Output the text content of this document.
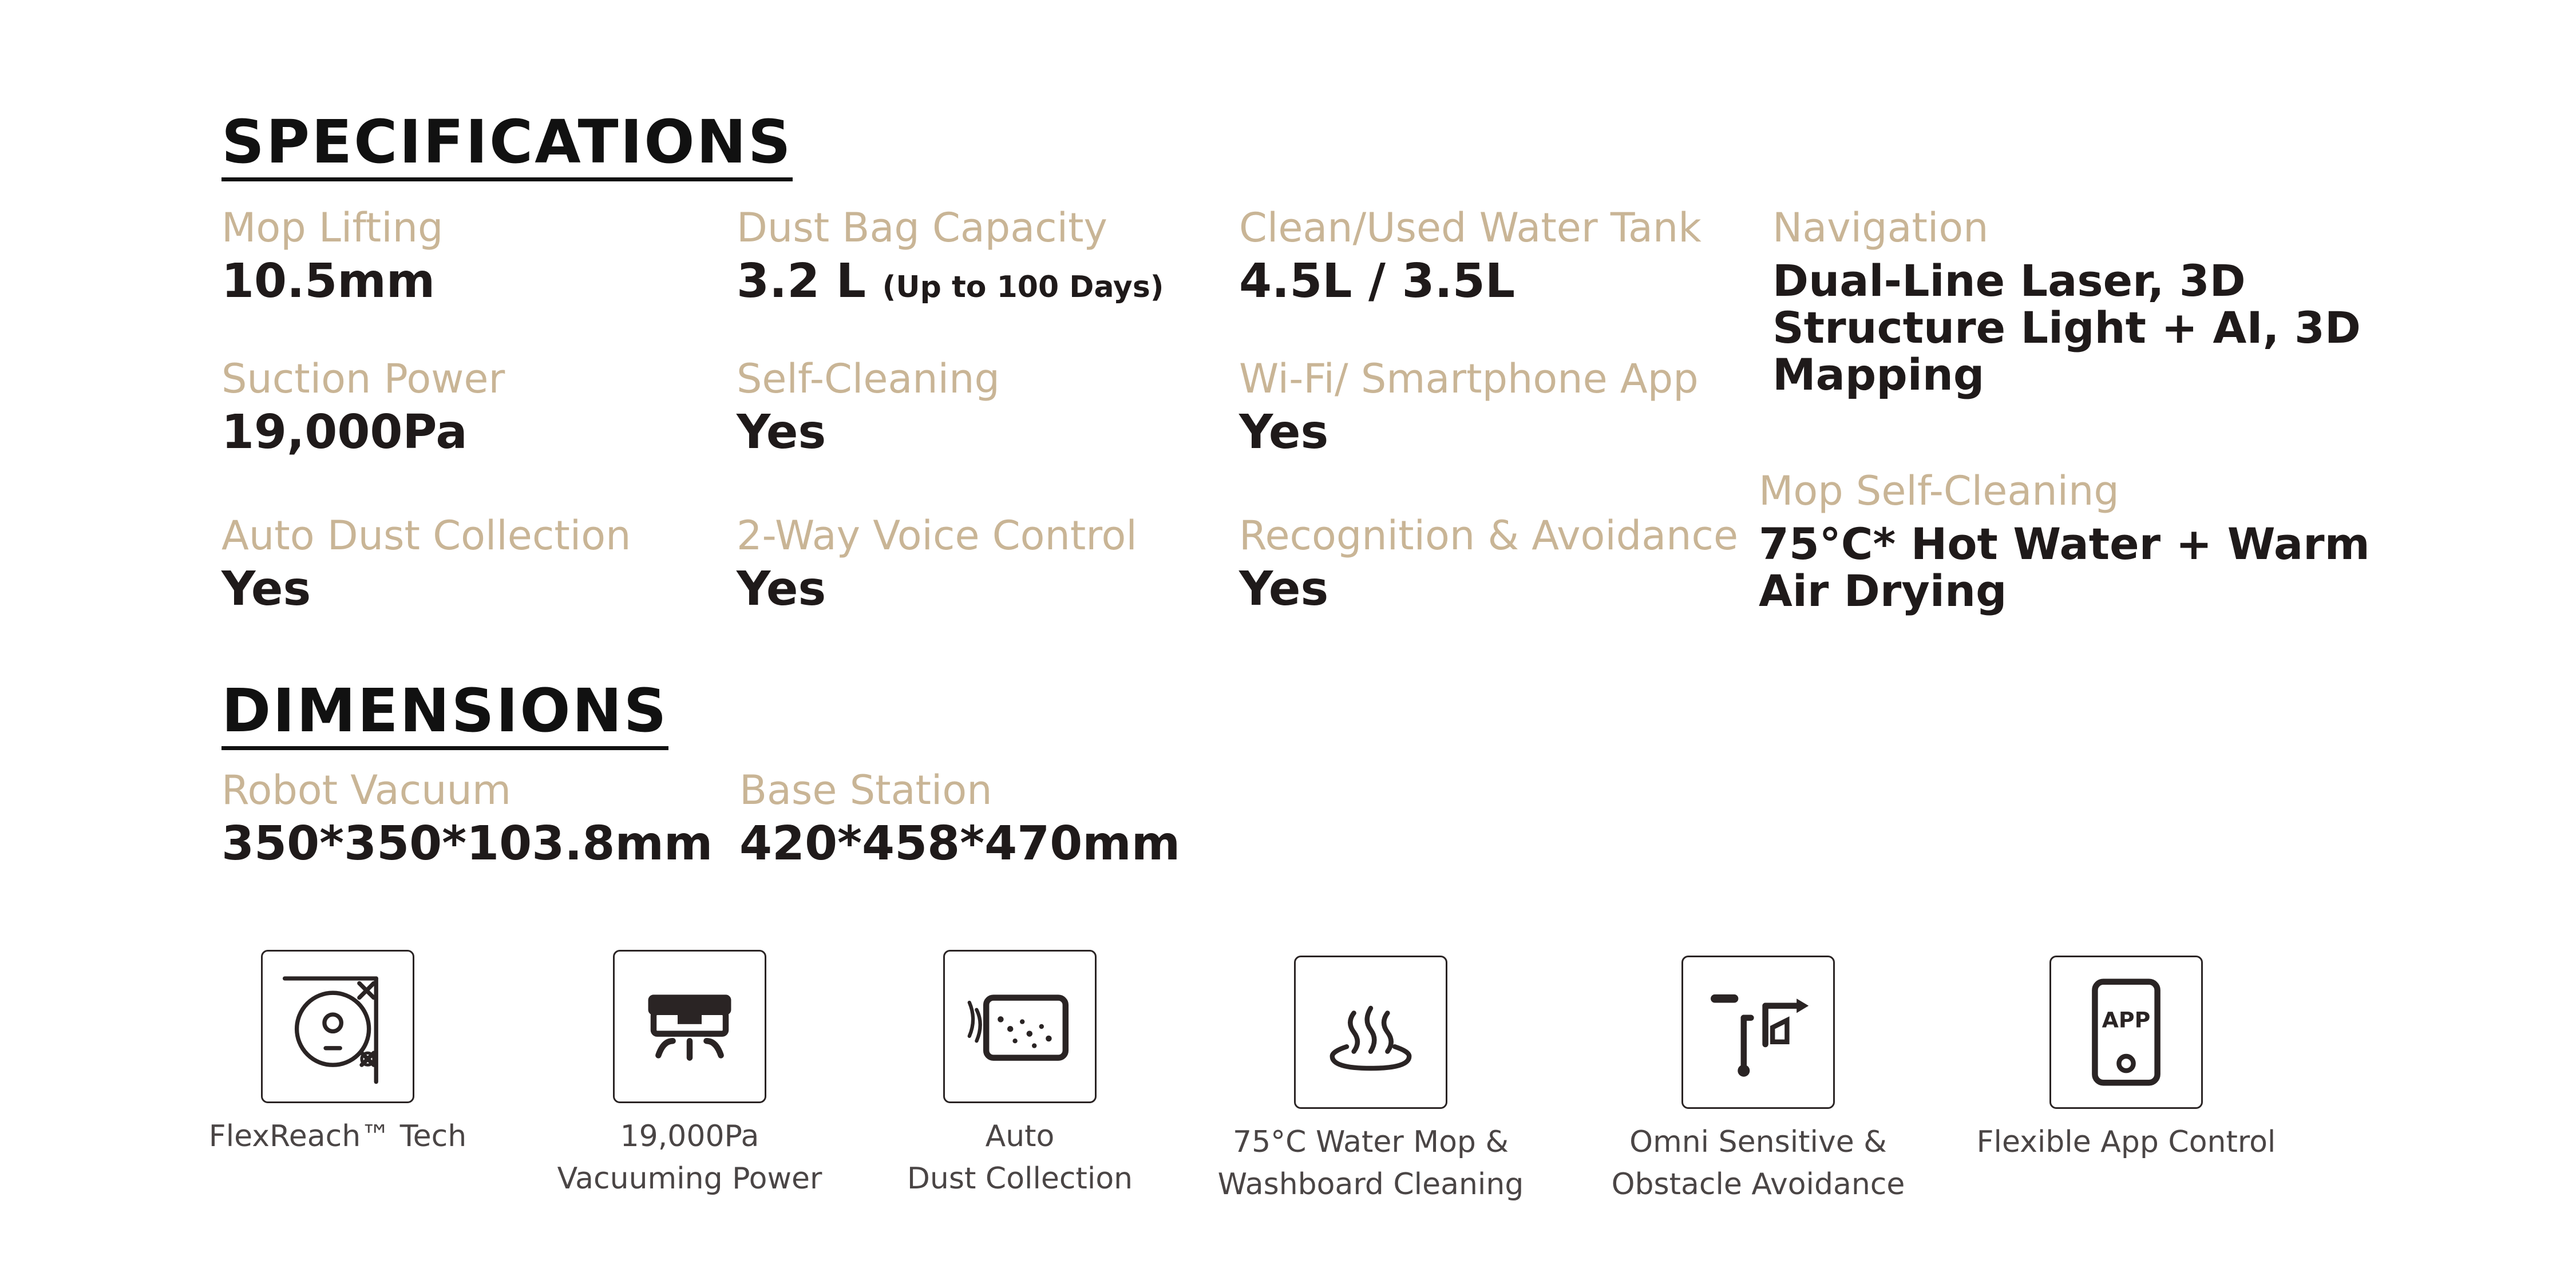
SPECIFICATIONS
Mop Lifting
10.5mm
Dust Bag Capacity
3.2 L (Up to 100 Days)
Clean/Used Water Tank
4.5L / 3.5L
Navigation
Dual-Line Laser, 3D Structure Light + AI, 3D Mapping
Suction Power
19,000Pa
Self-Cleaning
Yes
Wi-Fi/ Smartphone App
Yes
Auto Dust Collection
Yes
2-Way Voice Control
Yes
Recognition & Avoidance
Yes
Mop Self-Cleaning
75°C* Hot Water + Warm Air Drying
DIMENSIONS
Robot Vacuum
350*350*103.8mm
Base Station
420*458*470mm
FlexReach™ Tech	19,000Pa
Vacuuming Power
Auto
Dust Collection
75°C Water Mop &
Washboard Cleaning
Omni Sensitive &
Obstacle Avoidance
APP
Flexible App Control
